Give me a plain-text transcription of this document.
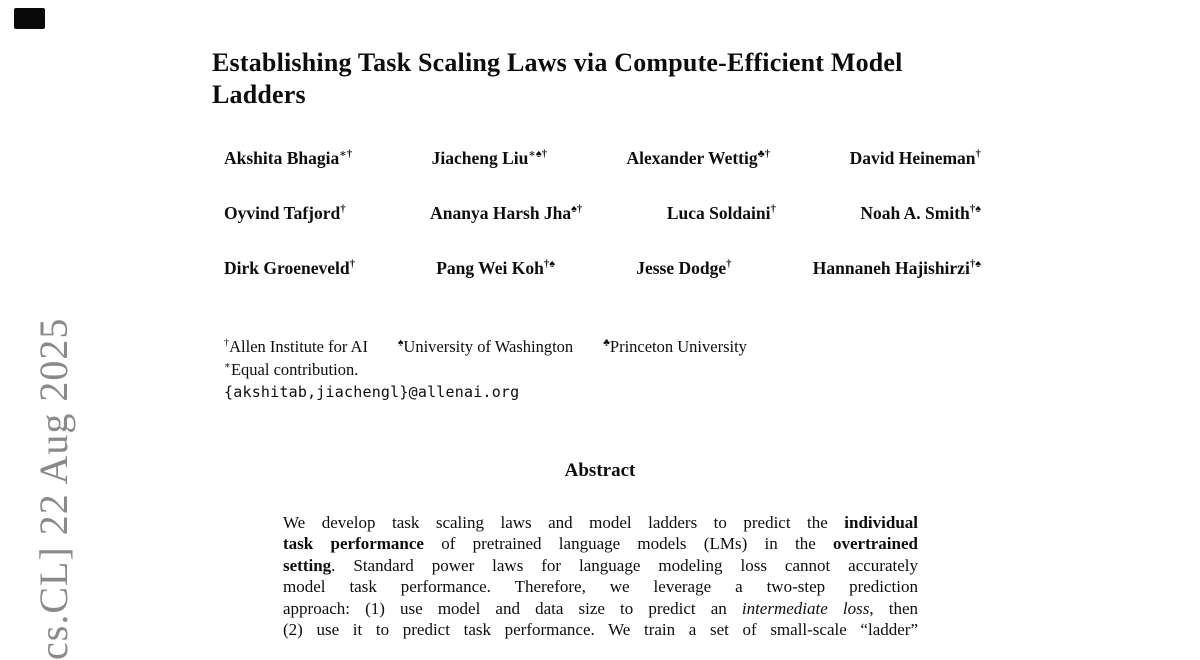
cs.CL] 22 Aug 2025
Establishing Task Scaling Laws via Compute-Efficient Model
Ladders
Akshita Bhagia∗†	Jiacheng Liu∗♠†	Alexander Wettig♣†	David Heineman†
Oyvind Tafjord†	Ananya Harsh Jha♠†	Luca Soldaini†	Noah A. Smith†♠
Dirk Groeneveld†	Pang Wei Koh†♠	Jesse Dodge†	Hannaneh Hajishirzi†♠
†Allen Institute for AI	♠University of Washington	♣Princeton University
∗Equal contribution.
{akshitab,jiachengl}@allenai.org
Abstract
We develop task scaling laws and model ladders to predict the individual
task performance of pretrained language models (LMs) in the overtrained
setting. Standard power laws for language modeling loss cannot accurately
model task performance. Therefore, we leverage a two-step prediction
approach: (1) use model and data size to predict an intermediate loss, then
(2) use it to predict task performance. We train a set of small-scale “ladder”
